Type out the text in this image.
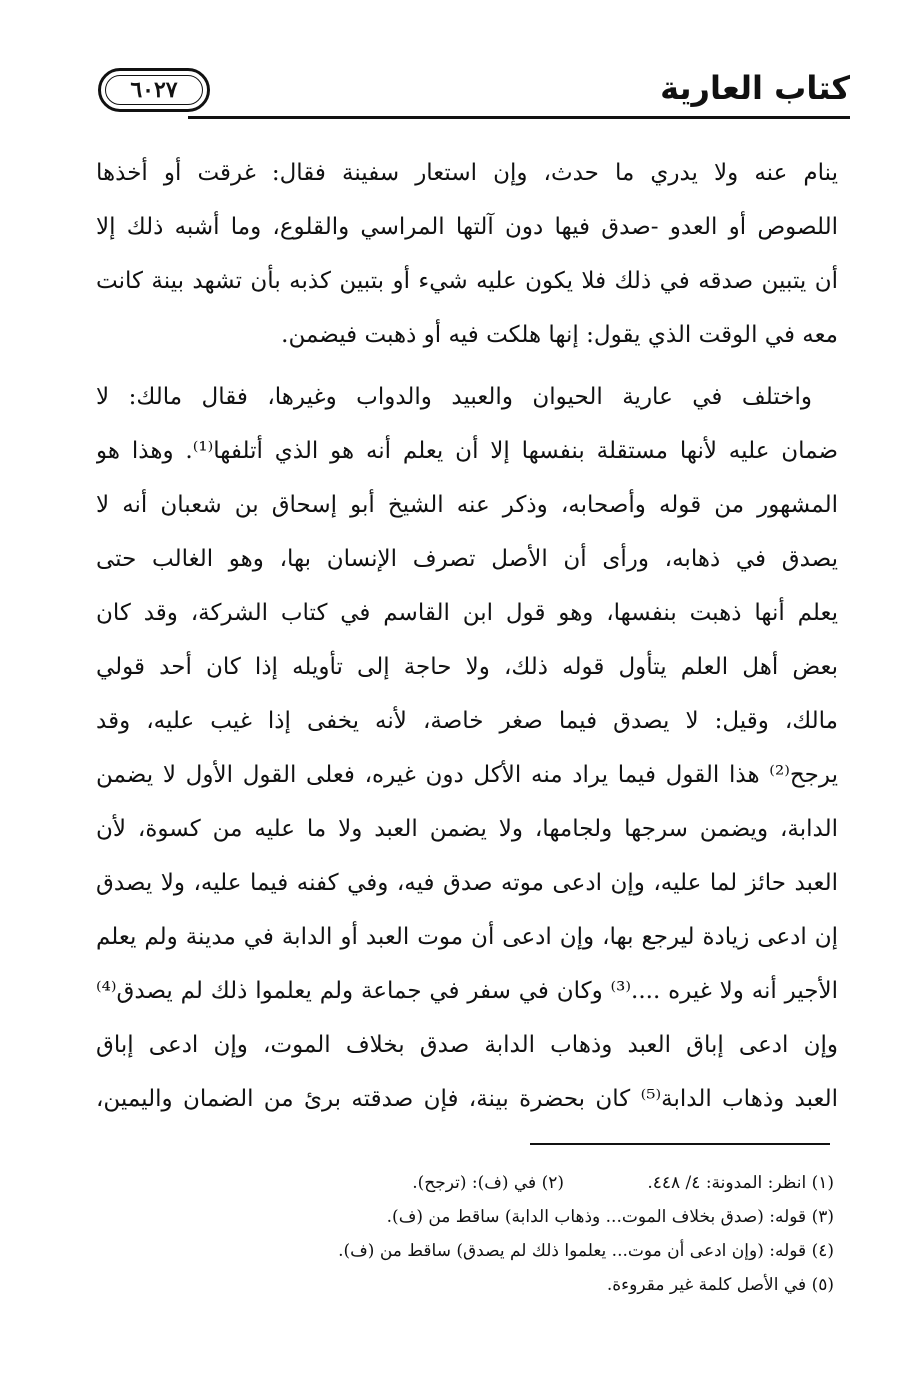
كتاب العارية
٦٠٢٧
ينام عنه ولا يدري ما حدث، وإن استعار سفينة فقال: غرقت أو أخذها
اللصوص أو العدو -صدق فيها دون آلتها المراسي والقلوع، وما أشبه ذلك إلا
أن يتبين صدقه في ذلك فلا يكون عليه شيء أو بتبين كذبه بأن تشهد بينة كانت
معه في الوقت الذي يقول: إنها هلكت فيه أو ذهبت فيضمن.
واختلف في عارية الحيوان والعبيد والدواب وغيرها، فقال مالك: لا
ضمان عليه لأنها مستقلة بنفسها إلا أن يعلم أنه هو الذي أتلفها⁽¹⁾. وهذا هو
المشهور من قوله وأصحابه، وذكر عنه الشيخ أبو إسحاق بن شعبان أنه لا
يصدق في ذهابه، ورأى أن الأصل تصرف الإنسان بها، وهو الغالب حتى
يعلم أنها ذهبت بنفسها، وهو قول ابن القاسم في كتاب الشركة، وقد كان
بعض أهل العلم يتأول قوله ذلك، ولا حاجة إلى تأويله إذا كان أحد قولي
مالك، وقيل: لا يصدق فيما صغر خاصة، لأنه يخفى إذا غيب عليه، وقد
يرجح⁽²⁾ هذا القول فيما يراد منه الأكل دون غيره، فعلى القول الأول لا يضمن
الدابة، ويضمن سرجها ولجامها، ولا يضمن العبد ولا ما عليه من كسوة، لأن
العبد حائز لما عليه، وإن ادعى موته صدق فيه، وفي كفنه فيما عليه، ولا يصدق
إن ادعى زيادة ليرجع بها، وإن ادعى أن موت العبد أو الدابة في مدينة ولم يعلم
الأجير أنه ولا غيره ....⁽³⁾ وكان في سفر في جماعة ولم يعلموا ذلك لم يصدق⁽⁴⁾
وإن ادعى إباق العبد وذهاب الدابة صدق بخلاف الموت، وإن ادعى إباق
العبد وذهاب الدابة⁽⁵⁾ كان بحضرة بينة، فإن صدقته برئ من الضمان واليمين،
(١) انظر: المدونة: ٤/ ٤٤٨.(٢) في (ف): (ترجح).
(٣) قوله: (صدق بخلاف الموت... وذهاب الدابة) ساقط من (ف).
(٤) قوله: (وإن ادعى أن موت... يعلموا ذلك لم يصدق) ساقط من (ف).
(٥) في الأصل كلمة غير مقروءة.
